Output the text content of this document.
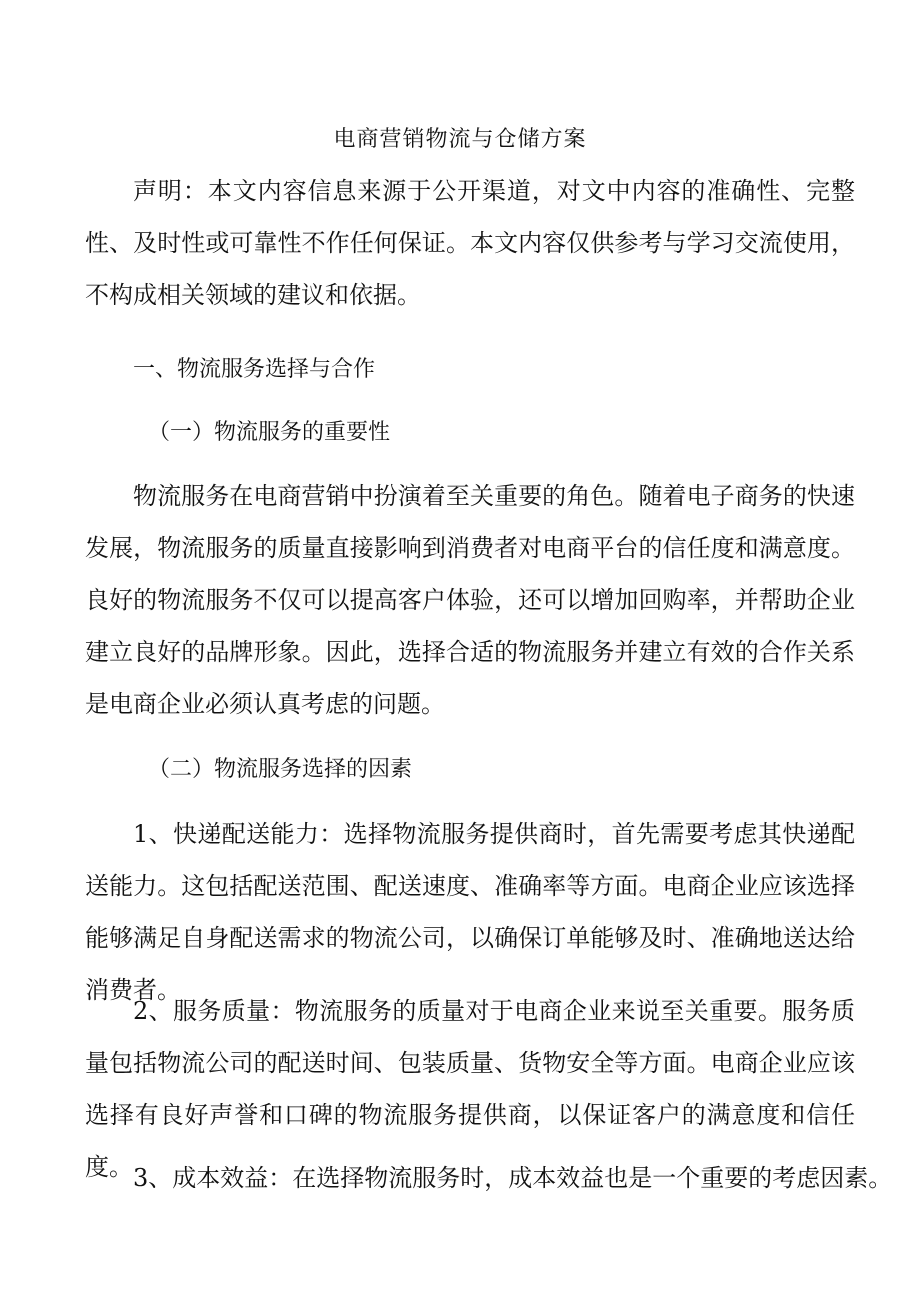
电商营销物流与仓储方案
声明：本文内容信息来源于公开渠道，对文中内容的准确性、完整性、及时性或可靠性不作任何保证。本文内容仅供参考与学习交流使用，不构成相关领域的建议和依据。
一、物流服务选择与合作
（一）物流服务的重要性
物流服务在电商营销中扮演着至关重要的角色。随着电子商务的快速发展，物流服务的质量直接影响到消费者对电商平台的信任度和满意度。良好的物流服务不仅可以提高客户体验，还可以增加回购率，并帮助企业建立良好的品牌形象。因此，选择合适的物流服务并建立有效的合作关系是电商企业必须认真考虑的问题。
（二）物流服务选择的因素
1、快递配送能力：选择物流服务提供商时，首先需要考虑其快递配送能力。这包括配送范围、配送速度、准确率等方面。电商企业应该选择能够满足自身配送需求的物流公司，以确保订单能够及时、准确地送达给消费者。
2、服务质量：物流服务的质量对于电商企业来说至关重要。服务质量包括物流公司的配送时间、包装质量、货物安全等方面。电商企业应该选择有良好声誉和口碑的物流服务提供商，以保证客户的满意度和信任度。 3、成本效益：在选择物流服务时，成本效益也是一个重要的考虑因素。
